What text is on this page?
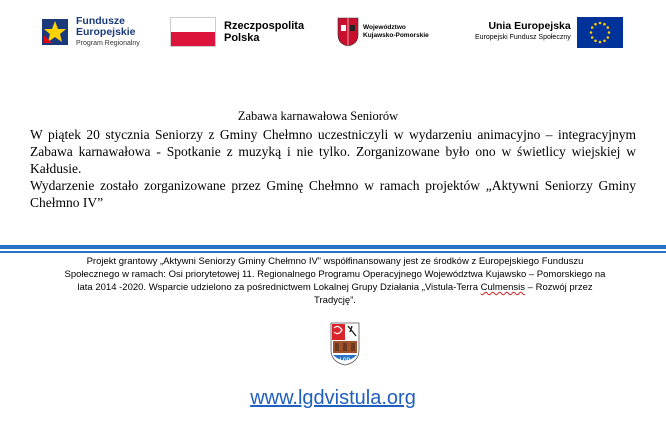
Fundusze
Europejskie
Program Regionalny
Rzeczpospolita
Polska
Województwo
Kujawsko-Pomorskie
Unia Europejska
Europejski Fundusz Społeczny
Zabawa karnawałowa Seniorów
W piątek 20 stycznia Seniorzy z Gminy Chełmno uczestniczyli w wydarzeniu animacyjno – integracyjnym Zabawa karnawałowa - Spotkanie z muzyką i nie tylko. Zorganizowane było ono w świetlicy wiejskiej w Kałdusie.
Wydarzenie zostało zorganizowane przez Gminę Chełmno w ramach projektów „Aktywni Seniorzy Gminy Chełmno IV”
Projekt grantowy „Aktywni Seniorzy Gminy Chełmno IV” współfinansowany jest ze środków z Europejskiego Funduszu Społecznego w ramach: Osi priorytetowej 11. Regionalnego Programu Operacyjnego Województwa Kujawsko – Pomorskiego na lata 2014 -2020. Wsparcie udzielono za pośrednictwem Lokalnej Grupy Działania „Vistula-Terra Culmensis – Rozwój przez Tradycję”.
LGD
www.lgdvistula.org
